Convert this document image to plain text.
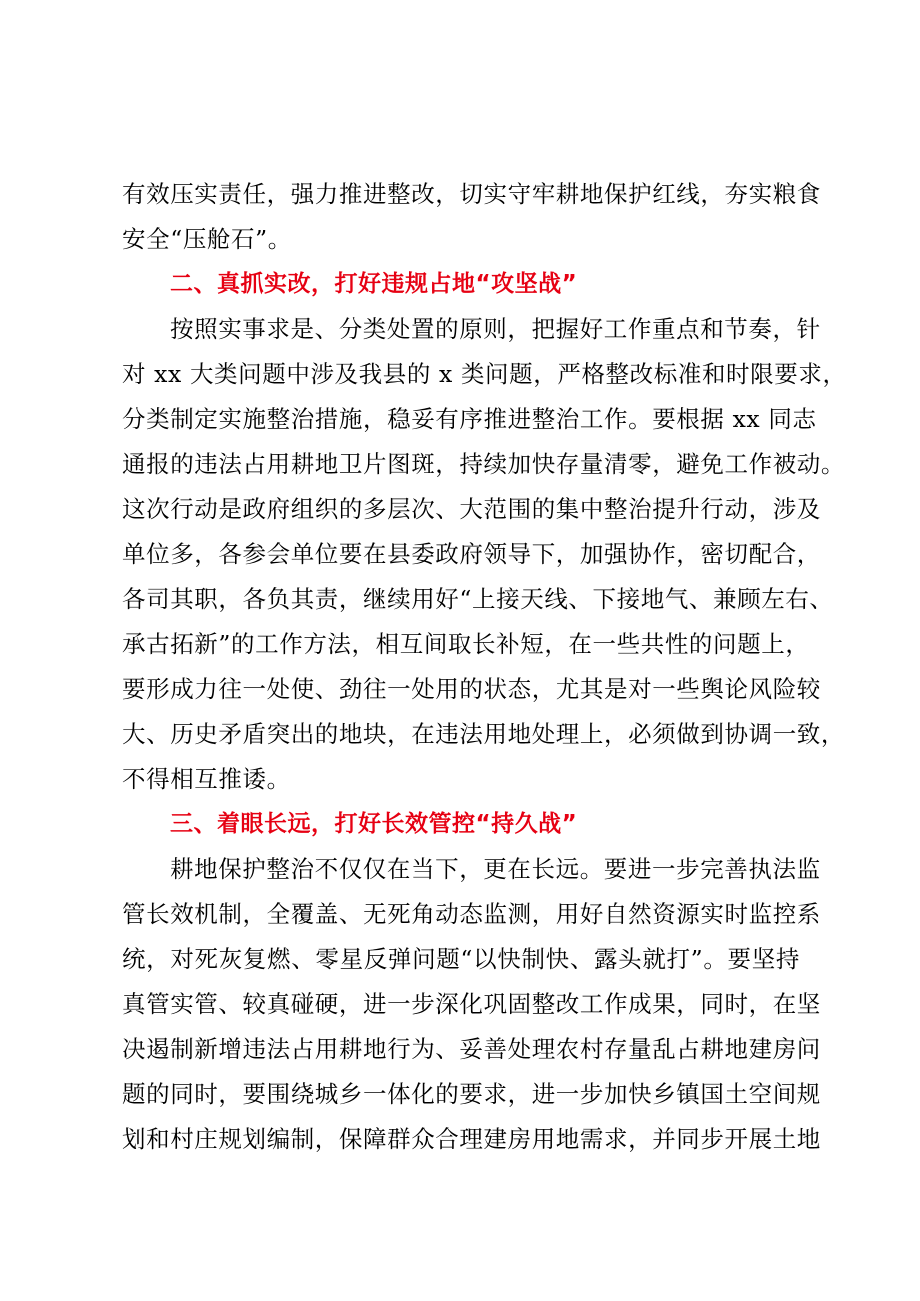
有效压实责任，强力推进整改，切实守牢耕地保护红线，夯实粮食
安全“压舱石”。
二、真抓实改，打好违规占地“攻坚战”
按照实事求是、分类处置的原则，把握好工作重点和节奏，针
对 xx 大类问题中涉及我县的 x 类问题，严格整改标准和时限要求，
分类制定实施整治措施，稳妥有序推进整治工作。要根据 xx 同志
通报的违法占用耕地卫片图斑，持续加快存量清零，避免工作被动。
这次行动是政府组织的多层次、大范围的集中整治提升行动，涉及
单位多，各参会单位要在县委政府领导下，加强协作，密切配合，
各司其职，各负其责，继续用好“上接天线、下接地气、兼顾左右、
承古拓新”的工作方法，相互间取长补短，在一些共性的问题上，
要形成力往一处使、劲往一处用的状态，尤其是对一些舆论风险较
大、历史矛盾突出的地块，在违法用地处理上，必须做到协调一致，
不得相互推诿。
三、着眼长远，打好长效管控“持久战”
耕地保护整治不仅仅在当下，更在长远。要进一步完善执法监
管长效机制，全覆盖、无死角动态监测，用好自然资源实时监控系
统，对死灰复燃、零星反弹问题“以快制快、露头就打”。要坚持
真管实管、较真碰硬，进一步深化巩固整改工作成果，同时，在坚
决遏制新增违法占用耕地行为、妥善处理农村存量乱占耕地建房问
题的同时，要围绕城乡一体化的要求，进一步加快乡镇国土空间规
划和村庄规划编制，保障群众合理建房用地需求，并同步开展土地
